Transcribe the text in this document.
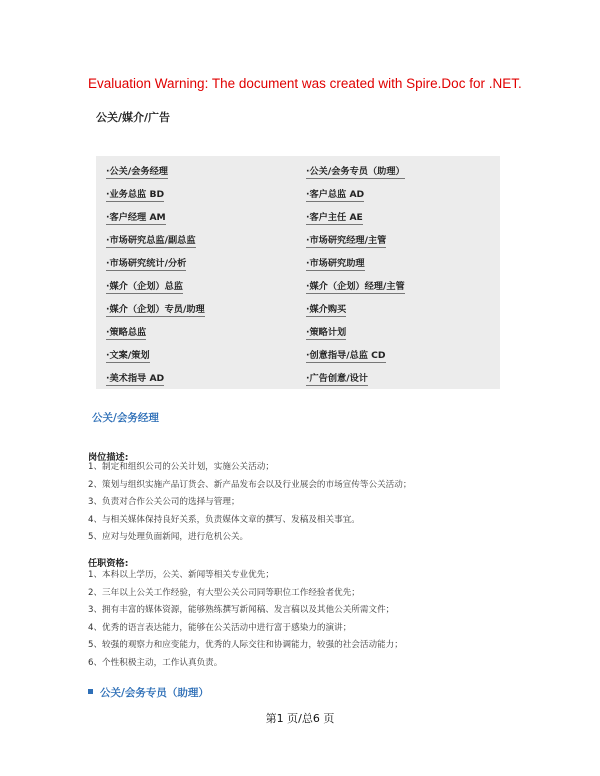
Evaluation Warning: The document was created with Spire.Doc for .NET.
公关/媒介/广告
·公关/会务经理
·业务总监 BD
·客户经理 AM
·市场研究总监/副总监
·市场研究统计/分析
·媒介（企划）总监
·媒介（企划）专员/助理
·策略总监
·文案/策划
·美术指导 AD
·公关/会务专员（助理）
·客户总监 AD
·客户主任 AE
·市场研究经理/主管
·市场研究助理
·媒介（企划）经理/主管
·媒介购买
·策略计划
·创意指导/总监 CD
·广告创意/设计
公关/会务经理
岗位描述:
1、制定和组织公司的公关计划，实施公关活动；
2、策划与组织实施产品订货会、新产品发布会以及行业展会的市场宣传等公关活动；
3、负责对合作公关公司的选择与管理；
4、与相关媒体保持良好关系，负责媒体文章的撰写、发稿及相关事宜。
5、应对与处理负面新闻，进行危机公关。
任职资格:
1、本科以上学历，公关、新闻等相关专业优先；
2、三年以上公关工作经验，有大型公关公司同等职位工作经验者优先；
3、拥有丰富的媒体资源，能够熟练撰写新闻稿、发言稿以及其他公关所需文件；
4、优秀的语言表达能力，能够在公关活动中进行富于感染力的演讲；
5、较强的观察力和应变能力，优秀的人际交往和协调能力，较强的社会活动能力；
6、个性积极主动，工作认真负责。
公关/会务专员（助理）
第1 页/总6 页
